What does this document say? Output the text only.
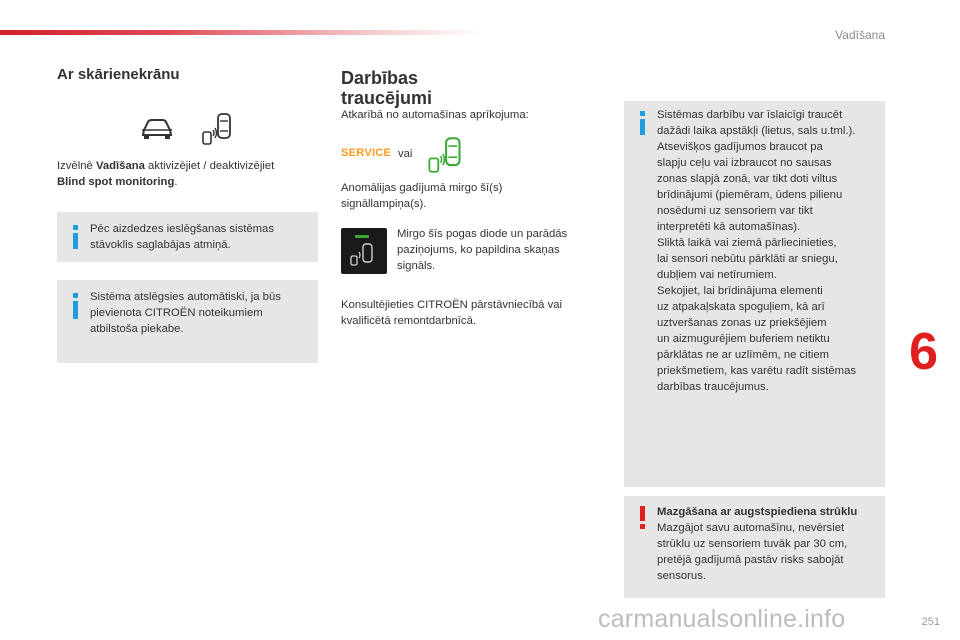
Vadīšana
6
251
carmanualsonline.info
Ar skārienekrānu
Izvēlnē Vadīšana aktivizējiet / deaktivizējiet
Blind spot monitoring.
Pēc aizdedzes ieslēgšanas sistēmas
stāvoklis saglabājas atmiņā.
Sistēma atslēgsies automātiski, ja būs
pievienota CITROËN noteikumiem
atbilstoša piekabe.
Darbības
traucējumi
Atkarībā no automašīnas aprīkojuma:
SERVICE vai
Anomālijas gadījumā mirgo šī(s)
signāllampiņa(s).
Mirgo šīs pogas diode un parādās
paziņojums, ko papildina skaņas
signāls.
Konsultējieties CITROËN pārstāvniecībā vai
kvalificētā remontdarbnīcā.
Sistēmas darbību var īslaicīgi traucēt
dažādi laika apstākļi (lietus, sals u.tml.).
Atsevišķos gadījumos braucot pa
slapju ceļu vai izbraucot no sausas
zonas slapjā zonā, var tikt doti viltus
brīdinājumi (piemēram, ūdens pilienu
nosēdumi uz sensoriem var tikt
interpretēti kā automašīnas).
Sliktā laikā vai ziemā pārliecinieties,
lai sensori nebūtu pārklāti ar sniegu,
dubļiem vai netīrumiem.
Sekojiet, lai brīdinājuma elementi
uz atpakaļskata spoguļiem, kā arī
uztveršanas zonas uz priekšējiem
un aizmugurējiem buferiem netiktu
pārklātas ne ar uzlīmēm, ne citiem
priekšmetiem, kas varētu radīt sistēmas
darbības traucējumus.
Mazgāšana ar augstspiediena strūklu
Mazgājot savu automašīnu, nevērsiet
strūklu uz sensoriem tuvāk par 30 cm,
pretējā gadījumā pastāv risks sabojāt
sensorus.
